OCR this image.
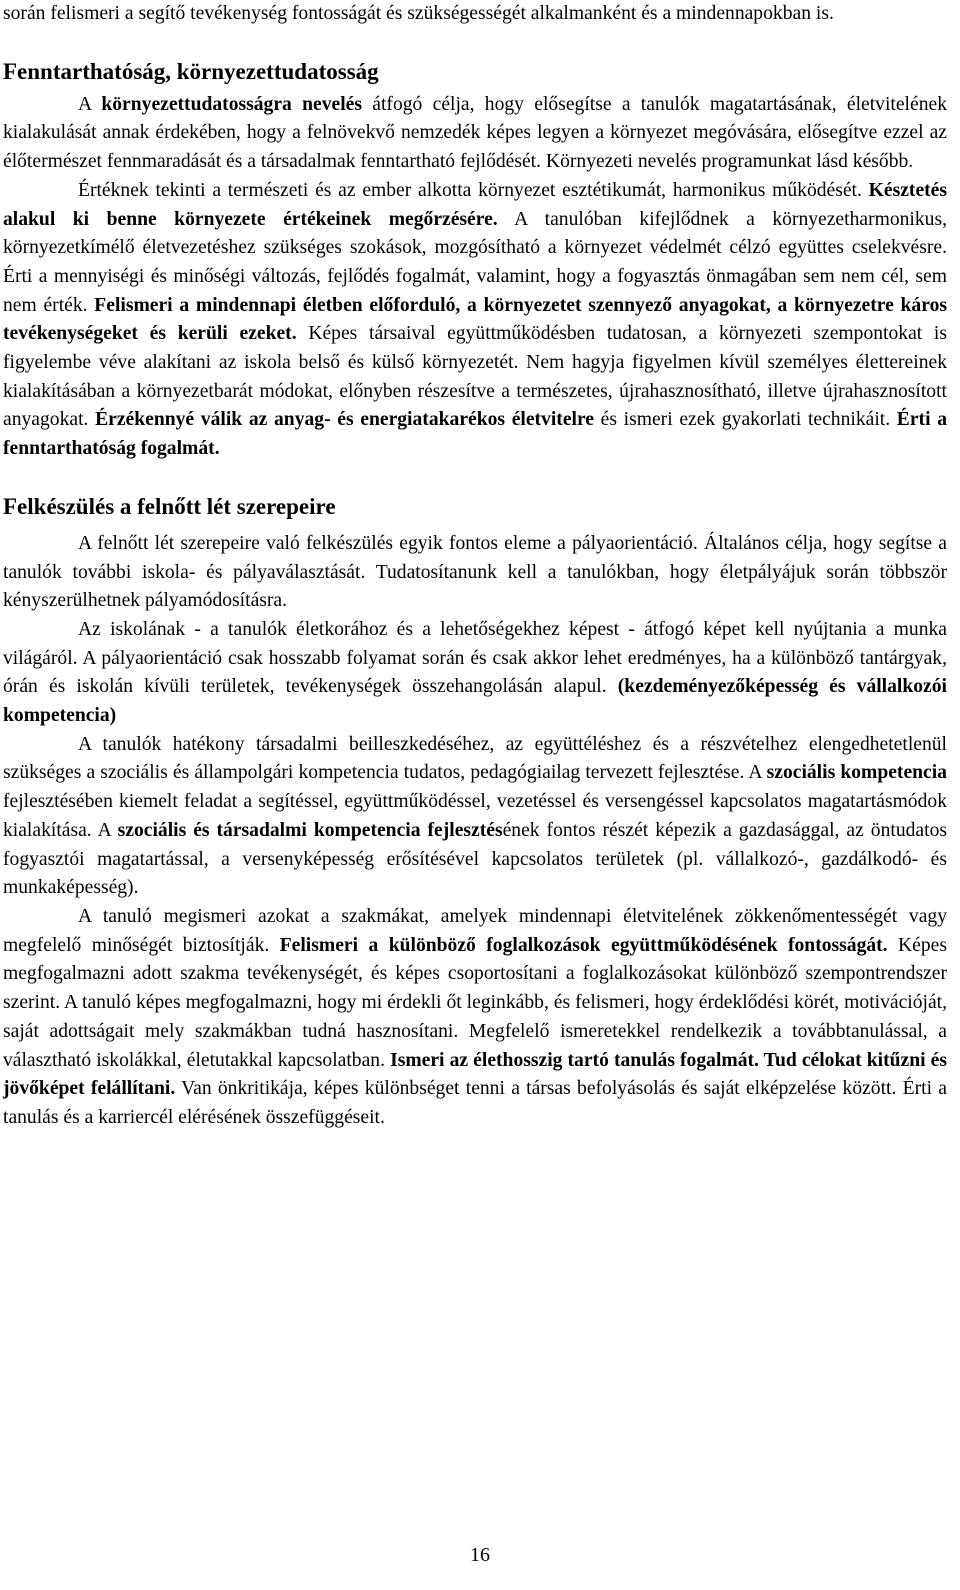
során felismeri a segítő tevékenység fontosságát és szükségességét alkalmanként és a mindennapokban is.

Fenntarthatóság, környezettudatosság

A környezettudatosságra nevelés átfogó célja, hogy elősegítse a tanulók magatartásának, életvitelének kialakulását annak érdekében, hogy a felnövekvő nemzedék képes legyen a környezet megóvására, elősegítve ezzel az élőtermészet fennmaradását és a társadalmak fenntartható fejlődését. Környezeti nevelés programunkat lásd később.

Értéknek tekinti a természeti és az ember alkotta környezet esztétikumát, harmonikus működését. Késztetés alakul ki benne környezete értékeinek megőrzésére. A tanulóban kifejlődnek a környezetharmonikus, környezetkímélő életvezetéshez szükséges szokások, mozgósítható a környezet védelmét célzó együttes cselekvésre. Érti a mennyiségi és minőségi változás, fejlődés fogalmát, valamint, hogy a fogyasztás önmagában sem nem cél, sem nem érték. Felismeri a mindennapi életben előforduló, a környezetet szennyező anyagokat, a környezetre káros tevékenységeket és kerüli ezeket. Képes társaival együttműködésben tudatosan, a környezeti szempontokat is figyelembe véve alakítani az iskola belső és külső környezetét. Nem hagyja figyelmen kívül személyes élettereinek kialakításában a környezetbarát módokat, előnyben részesítve a természetes, újrahasznosítható, illetve újrahasznosított anyagokat. Érzékennyé válik az anyag- és energiatakarékos életvitelre és ismeri ezek gyakorlati technikáit. Érti a fenntarthatóság fogalmát.

Felkészülés a felnőtt lét szerepeire

A felnőtt lét szerepeire való felkészülés egyik fontos eleme a pályaorientáció. Általános célja, hogy segítse a tanulók további iskola- és pályaválasztását. Tudatosítanunk kell a tanulókban, hogy életpályájuk során többször kényszerülhetnek pályamódosításra.

Az iskolának - a tanulók életkorához és a lehetőségekhez képest - átfogó képet kell nyújtania a munka világáról. A pályaorientáció csak hosszabb folyamat során és csak akkor lehet eredményes, ha a különböző tantárgyak, órán és iskolán kívüli területek, tevékenységek összehangolásán alapul. (kezdeményezőképesség és vállalkozói kompetencia)

A tanulók hatékony társadalmi beilleszkedéséhez, az együttéléshez és a részvételhez elengedhetetlenül szükséges a szociális és állampolgári kompetencia tudatos, pedagógiailag tervezett fejlesztése. A szociális kompetencia fejlesztésében kiemelt feladat a segítéssel, együttműködéssel, vezetéssel és versengéssel kapcsolatos magatartásmódok kialakítása. A szociális és társadalmi kompetencia fejlesztésének fontos részét képezik a gazdasággal, az öntudatos fogyasztói magatartással, a versenyképesség erősítésével kapcsolatos területek (pl. vállalkozó-, gazdálkodó- és munkaképesség).

A tanuló megismeri azokat a szakmákat, amelyek mindennapi életvitelének zökkenőmentességét vagy megfelelő minőségét biztosítják. Felismeri a különböző foglalkozások együttműködésének fontosságát. Képes megfogalmazni adott szakma tevékenységét, és képes csoportosítani a foglalkozásokat különböző szempontrendszer szerint. A tanuló képes megfogalmazni, hogy mi érdekli őt leginkább, és felismeri, hogy érdeklődési körét, motivációját, saját adottságait mely szakmákban tudná hasznosítani. Megfelelő ismeretekkel rendelkezik a továbbtanulással, a választható iskolákkal, életutakkal kapcsolatban. Ismeri az élethosszig tartó tanulás fogalmát. Tud célokat kitűzni és jövőképet felállítani. Van önkritikája, képes különbséget tenni a társas befolyásolás és saját elképzelése között. Érti a tanulás és a karriercél elérésének összefüggéseit.

16
